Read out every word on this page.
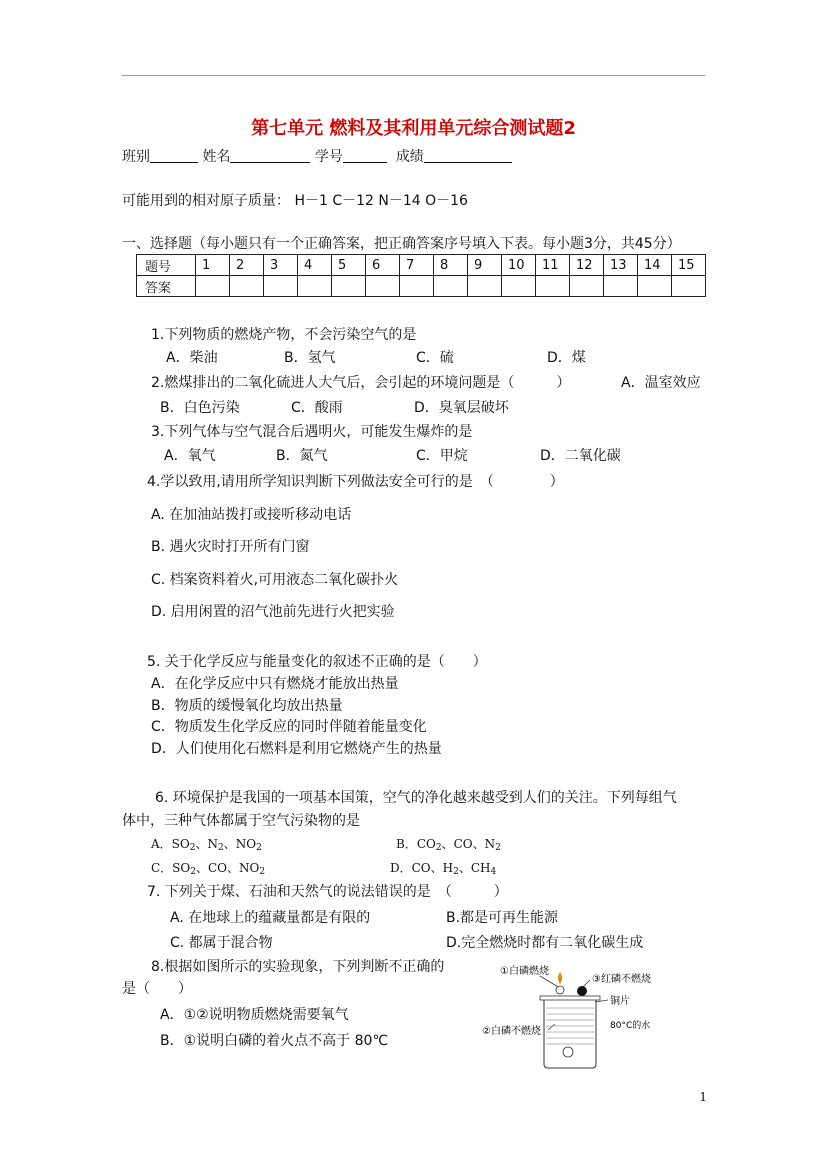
第七单元 燃料及其利用单元综合测试题2
班别	姓名	学号	成绩
可能用到的相对原子质量： H－1 C－12 N－14 O－16
一、选择题（每小题只有一个正确答案，把正确答案序号填入下表。每小题3分，共45分）
题号	1	2	3	4	5	6	7	8	9	10	11	12	13	14	15
答案															
1.下列物质的燃烧产物，不会污染空气的是
A．柴油	B．氢气	C．硫	D．煤
2.燃煤排出的二氧化硫进人大气后，会引起的环境问题是（　　　）	A．温室效应
B．白色污染	C．酸雨	D．臭氧层破坏
3.下列气体与空气混合后遇明火，可能发生爆炸的是
A．氧气	B．氮气	C．甲烷	D．二氧化碳
4.学以致用,请用所学知识判断下列做法安全可行的是　（　　　　）
A. 在加油站拨打或接听移动电话
B. 遇火灾时打开所有门窗
C. 档案资料着火,可用液态二氧化碳扑火
D. 启用闲置的沼气池前先进行火把实验
5. 关于化学反应与能量变化的叙述不正确的是（　　）
A．在化学反应中只有燃烧才能放出热量
B．物质的缓慢氧化均放出热量
C．物质发生化学反应的同时伴随着能量变化
D．人们使用化石燃料是利用它燃烧产生的热量
6. 环境保护是我国的一项基本国策，空气的净化越来越受到人们的关注。下列每组气
体中，三种气体都属于空气污染物的是
A．$SO_2$、$N_2$、$NO_2$	B．$CO_2$、CO、$N_2$
C．$SO_2$、CO、$NO_2$	D．CO、$H_2$、$CH_4$
7. 下列关于煤、石油和天然气的说法错误的是　（　　　）
A. 在地球上的蕴藏量都是有限的	B.都是可再生能源
C. 都属于混合物	D.完全燃烧时都有二氧化碳生成
8.根据如图所示的实验现象，下列判断不正确的
是（　　）
A．①②说明物质燃烧需要氧气
B．①说明白磷的着火点不高于 80℃
①白磷燃烧
③红磷不燃烧
铜片
80°C的水
②白磷不燃烧
1
